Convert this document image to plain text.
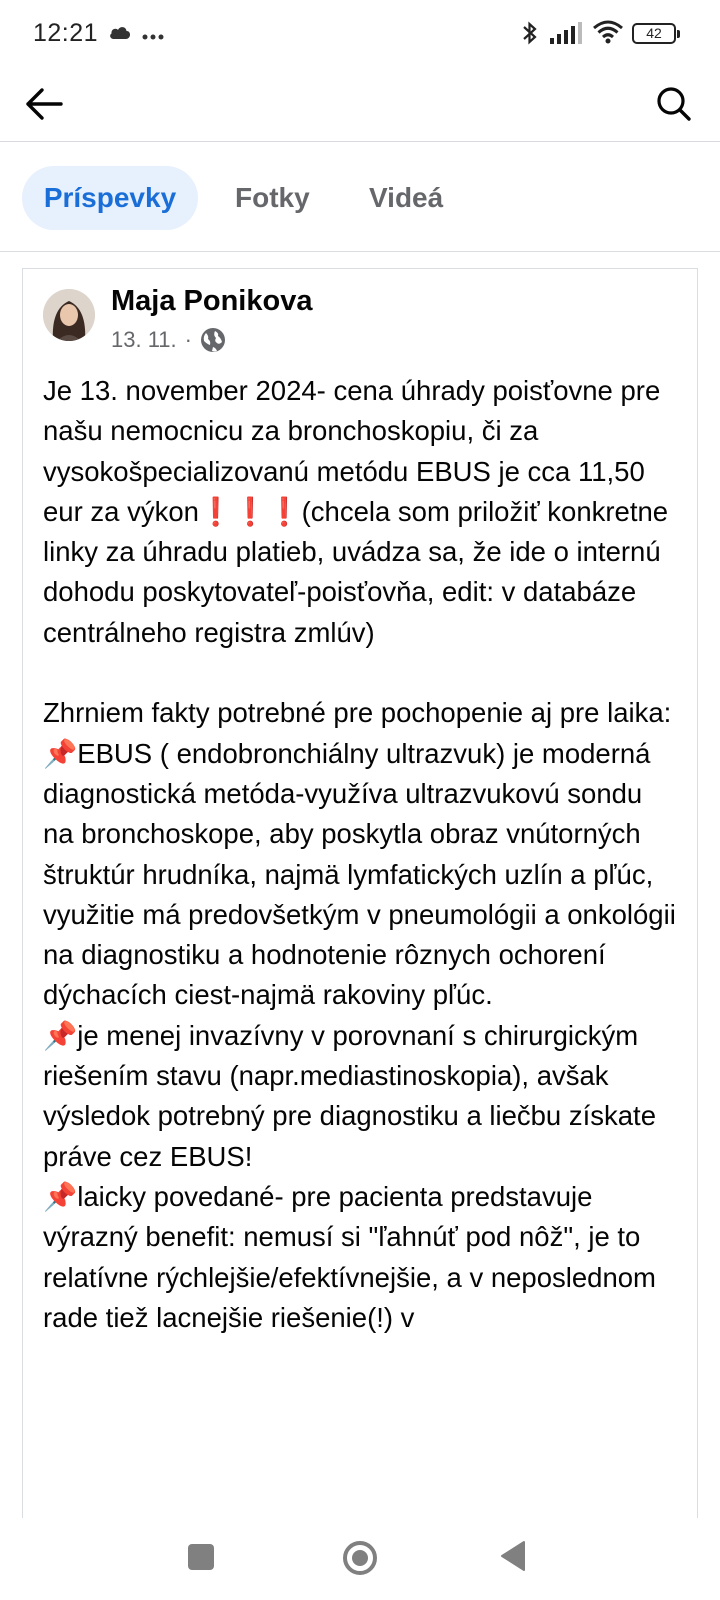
12:21	42
Príspevky	Fotky Videá
Maja Ponikova
13. 11. ·
Je 13. november 2024- cena úhrady poisťovne pre našu nemocnicu za bronchoskopiu, či za vysokošpecializovanú metódu EBUS je cca 11,50 eur za výkon❗❗❗(chcela som priložiť konkretne linky za úhradu platieb, uvádza sa, že ide o internú dohodu poskytovateľ-poisťovňa, edit: v databáze centrálneho registra zmlúv)

Zhrniem fakty potrebné pre pochopenie aj pre laika:
📌EBUS ( endobronchiálny ultrazvuk) je moderná diagnostická metóda-využíva ultrazvukovú sondu na bronchoskope, aby poskytla obraz vnútorných štruktúr hrudníka, najmä lymfatických uzlín a pľúc, využitie má predovšetkým v pneumológii a onkológii na diagnostiku a hodnotenie rôznych ochorení dýchacích ciest-najmä rakoviny pľúc.
📌je menej invazívny v porovnaní s chirurgickým riešením stavu (napr.mediastinoskopia), avšak výsledok potrebný pre diagnostiku a liečbu získate práve cez EBUS!
📌laicky povedané- pre pacienta predstavuje výrazný benefit: nemusí si "ľahnúť pod nôž", je to relatívne rýchlejšie/efektívnejšie, a v neposlednom rade tiež lacnejšie riešenie(!) v
